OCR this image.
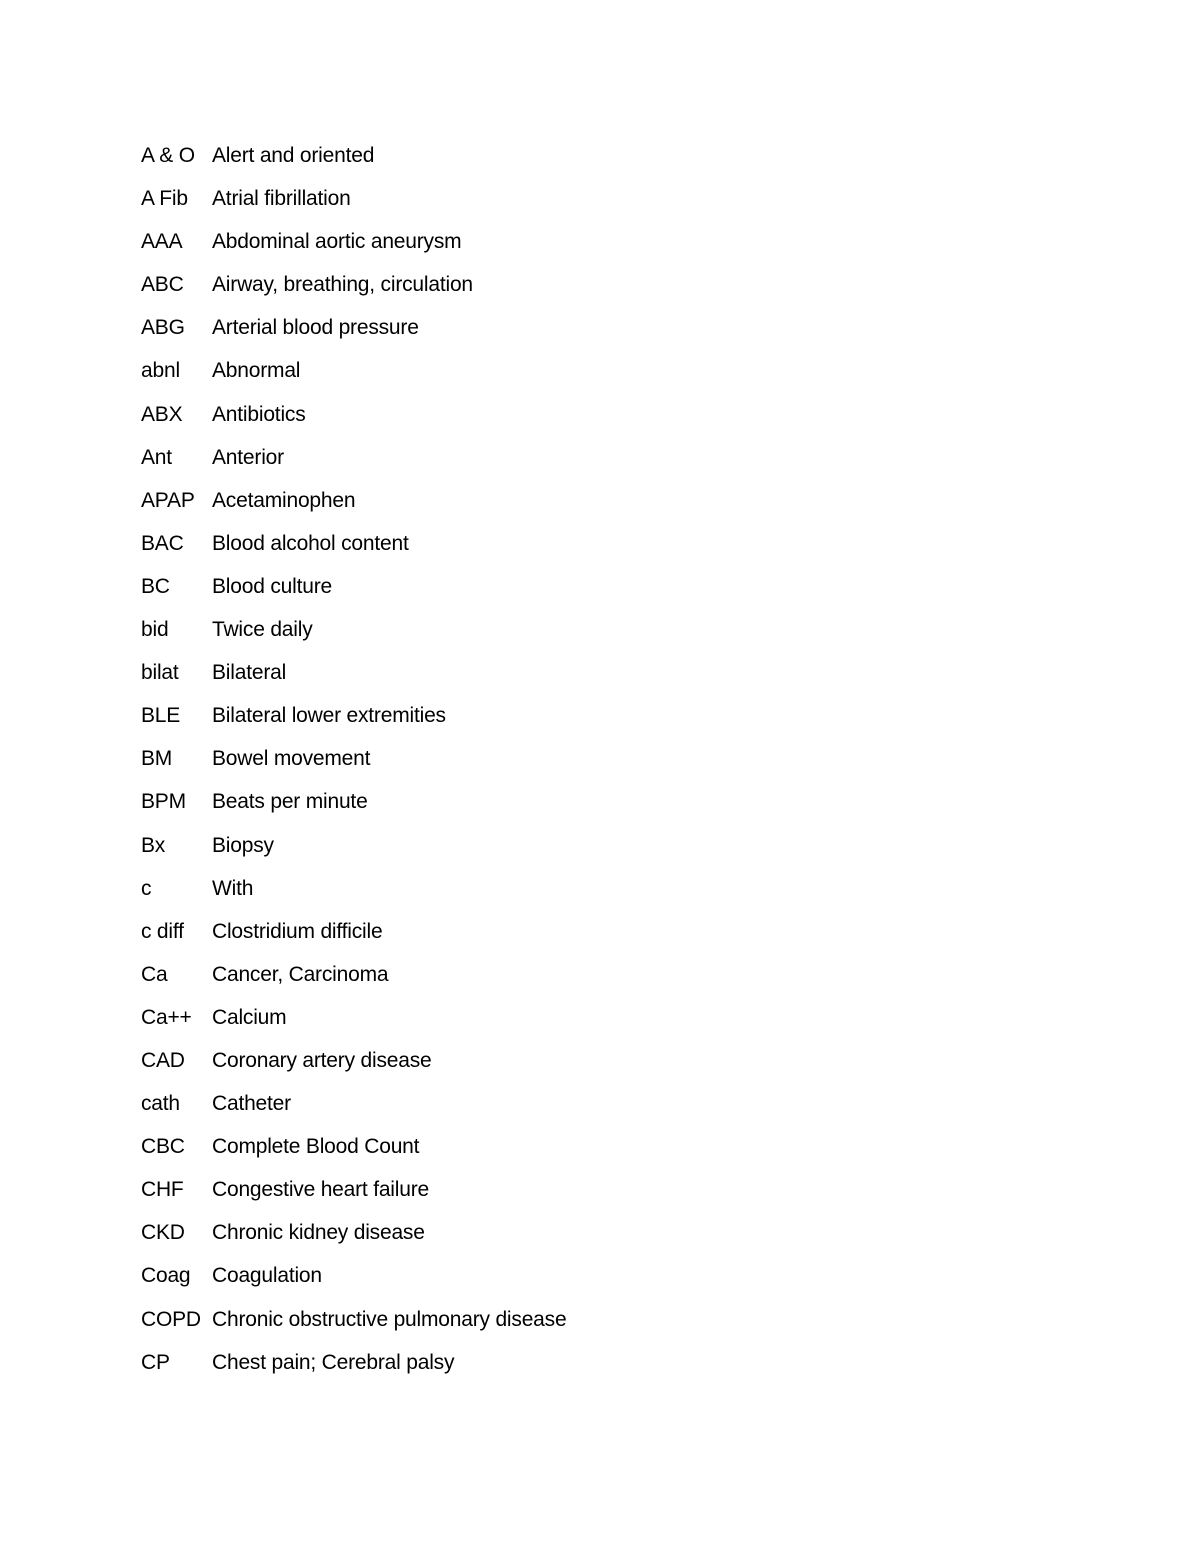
A & O Alert and oriented
A Fib	Atrial fibrillation
AAA	Abdominal aortic aneurysm
ABC	Airway, breathing, circulation
ABG	Arterial blood pressure
abnl	Abnormal
ABX	Antibiotics
Ant	Anterior
APAP Acetaminophen
BAC	Blood alcohol content
BC	Blood culture
bid	Twice daily
bilat	Bilateral
BLE	Bilateral lower extremities
BM	Bowel movement
BPM	Beats per minute
Bx	Biopsy
c	With
c diff	Clostridium difficile
Ca	Cancer, Carcinoma
Ca++ Calcium
CAD	Coronary artery disease
cath	Catheter
CBC	Complete Blood Count
CHF	Congestive heart failure
CKD	Chronic kidney disease
Coag	Coagulation
COPD Chronic obstructive pulmonary disease
CP	Chest pain; Cerebral palsy
